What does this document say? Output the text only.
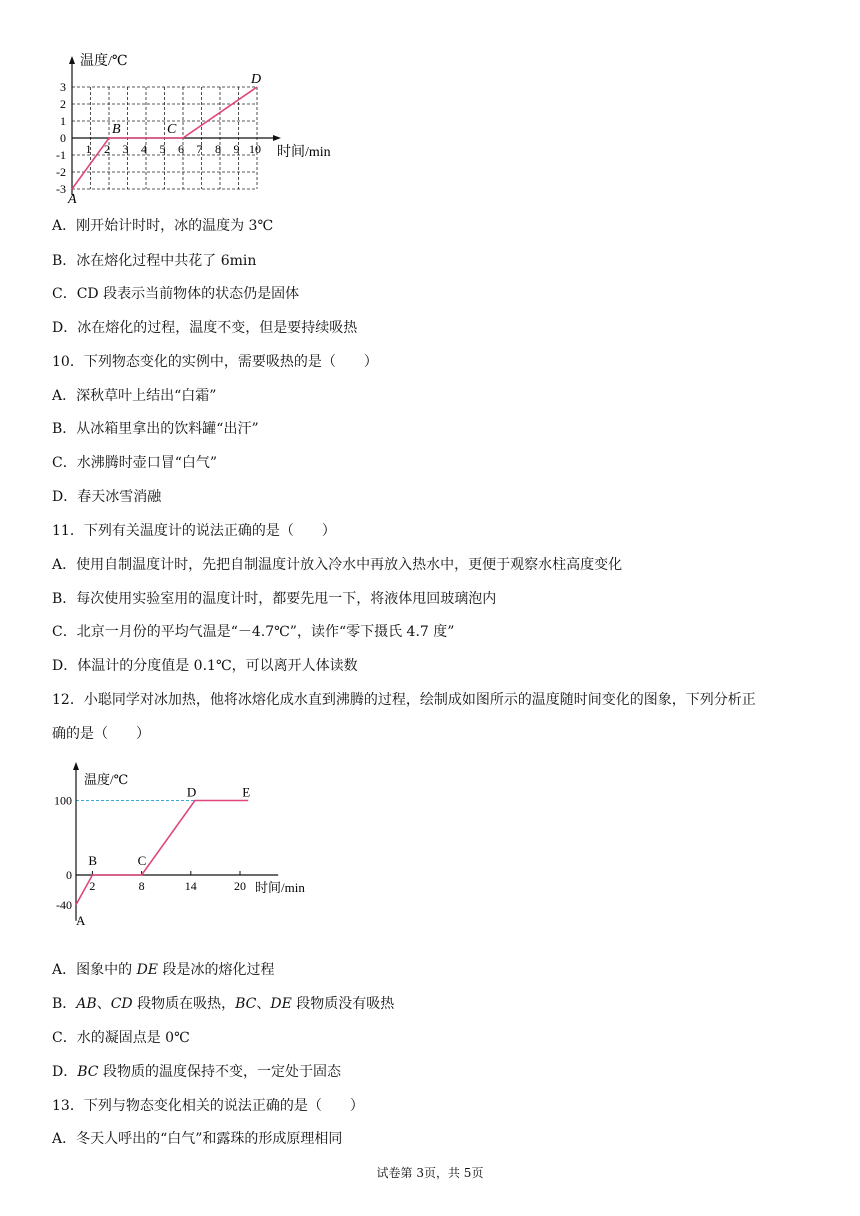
3
2
1
0
-1
-2
-3
1 2 3 4 5 6 7 8 9 10
A
B	C
D
温度/℃
时间/min
A．刚开始计时时，冰的温度为 3℃
B．冰在熔化过程中共花了 6min
C．CD 段表示当前物体的状态仍是固体
D．冰在熔化的过程，温度不变，但是要持续吸热
10．下列物态变化的实例中，需要吸热的是（　　）
A．深秋草叶上结出“白霜”
B．从冰箱里拿出的饮料罐“出汗”
C．水沸腾时壶口冒“白气”
D．春天冰雪消融
11．下列有关温度计的说法正确的是（　　）
A．使用自制温度计时，先把自制温度计放入冷水中再放入热水中，更便于观察水柱高度变化
B．每次使用实验室用的温度计时，都要先甩一下，将液体甩回玻璃泡内
C．北京一月份的平均气温是“－4.7℃”，读作“零下摄氏 4.7 度”
D．体温计的分度值是 0.1℃，可以离开人体读数
12．小聪同学对冰加热，他将冰熔化成水直到沸腾的过程，绘制成如图所示的温度随时间变化的图象，下列分析正
确的是（　　）
100
0
-40
2	8	14	20
A
B	C
D	E
温度/℃
时间/min
A．图象中的 DE 段是冰的熔化过程
B．AB、CD 段物质在吸热，BC、DE 段物质没有吸热
C．水的凝固点是 0℃
D．BC 段物质的温度保持不变，一定处于固态
13．下列与物态变化相关的说法正确的是（　　）
A．冬天人呼出的“白气”和露珠的形成原理相同
试卷第 3页，共 5页
